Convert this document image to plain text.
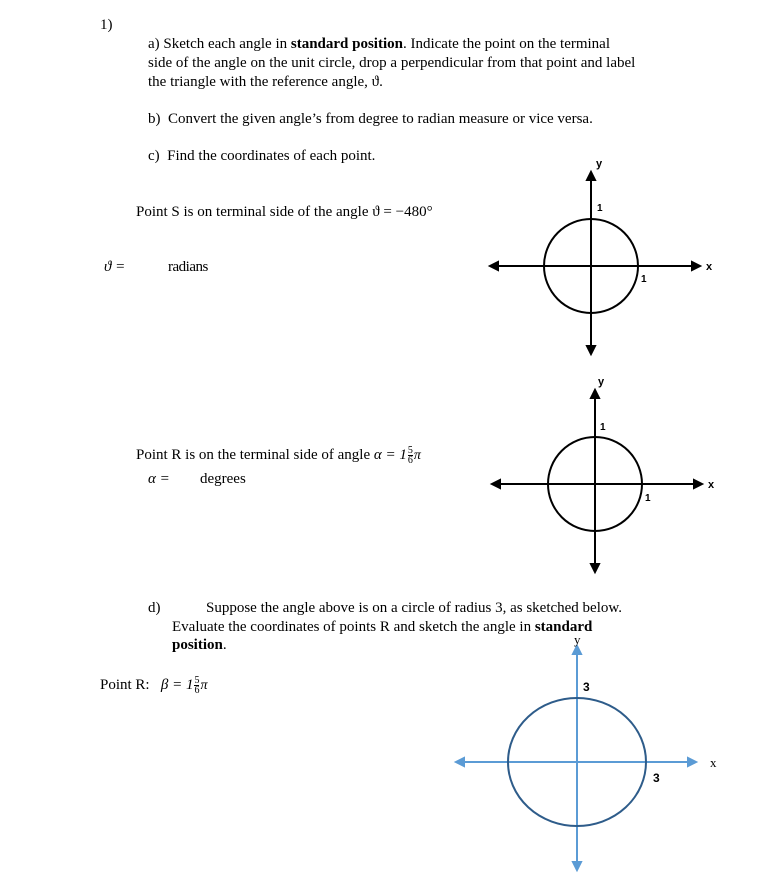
1)
a) Sketch each angle in standard position. Indicate the point on the terminal
side of the angle on the unit circle, drop a perpendicular from that point and label
the triangle with the reference angle, ϑ.
b) Convert the given angle’s from degree to radian measure or vice versa.
c) Find the coordinates of each point.
Point S is on terminal side of the angle ϑ = −480°
ϑ =	radians
y
x
1
1
y
x
1
1
Point R is on the terminal side of angle $\alpha = 1 \frac{5}{6}$ π
α = degrees
d)	Suppose the angle above is on a circle of radius 3, as sketched below.
Evaluate the coordinates of points R and sketch the angle in standard
position.
Point R: $\beta = 1 \frac{5}{6}$ π
y
x
3
3
